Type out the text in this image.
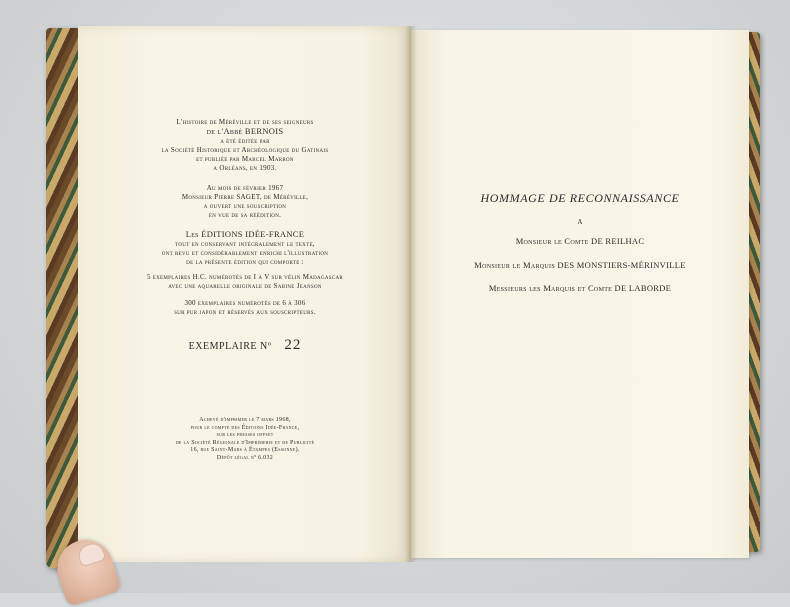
L'histoire de Méréville et de ses seigneurs
de l'Abbé BERNOIS
a été éditée par
la Société Historique et Archéologique du Gatinais
et publiée par Marcel Marron
a Orléans, en 1903.
Au mois de février 1967
Monsieur Pierre SAGET, de Méréville,
a ouvert une souscription
en vue de sa réédition.
Les ÉDITIONS IDÉE-FRANCE
tout en conservant intégralement le texte,
ont revu et considérablement enrichi l'illustration
de la présente édition qui comporte :
5 exemplaires H.C. numérotés de I à V sur vélin Madagascar
avec une aquarelle originale de Sabine Jeanson
300 exemplaires numérotés de 6 à 306
sur pur japon et réservés aux souscripteurs.
EXEMPLAIRE Nº 22
Achevé d'imprimer le 7 mars 1968,
pour le compte des Éditions Idée-France,
sur les presses offset
de la Société Régionale d'Imprimerie et de Publicité
16, rue Saint-Mars à Étampes (Essonne).
Dépôt légal nº 6.032
HOMMAGE DE RECONNAISSANCE
A
Monsieur le Comte DE REILHAC
Monsieur le Marquis DES MONSTIERS-MÉRINVILLE
Messieurs les Marquis et Comte DE LABORDE
